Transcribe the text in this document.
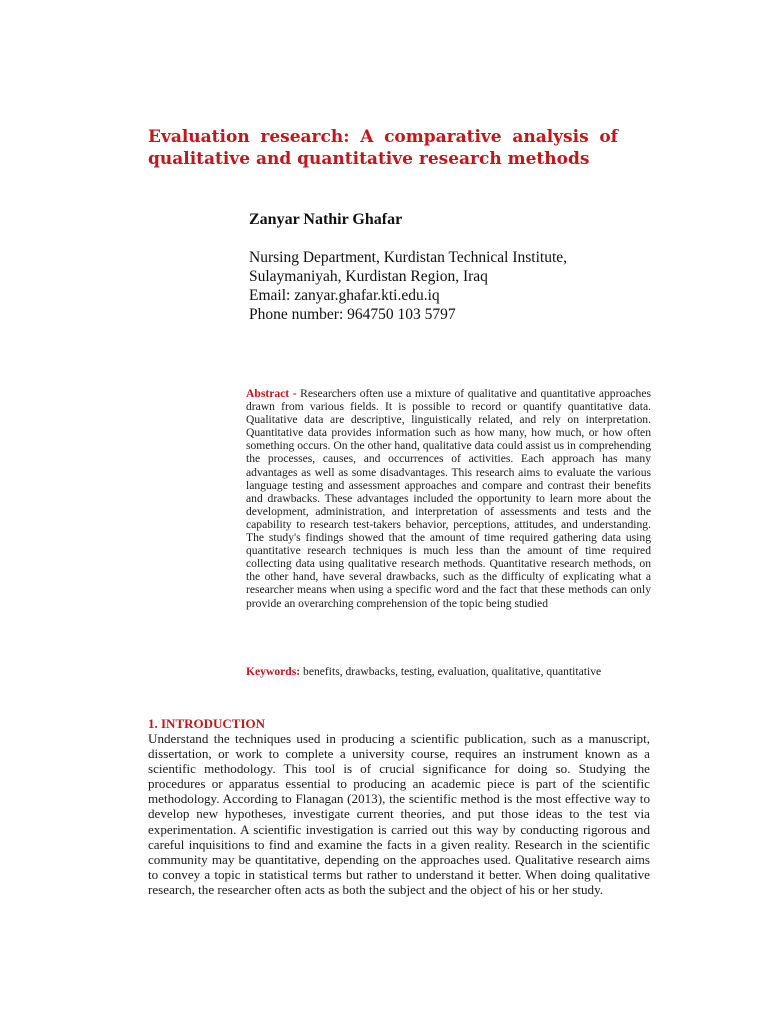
Evaluation research: A comparative analysis of qualitative and quantitative research methods

Zanyar Nathir Ghafar

Nursing Department, Kurdistan Technical Institute,

Sulaymaniyah, Kurdistan Region, Iraq

Email: zanyar.ghafar.kti.edu.iq

Phone number: 964750 103 5797

Abstract - Researchers often use a mixture of qualitative and quantitative approaches drawn from various fields. It is possible to record or quantify quantitative data. Qualitative data are descriptive, linguistically related, and rely on interpretation. Quantitative data provides information such as how many, how much, or how often something occurs. On the other hand, qualitative data could assist us in comprehending the processes, causes, and occurrences of activities. Each approach has many advantages as well as some disadvantages. This research aims to evaluate the various language testing and assessment approaches and compare and contrast their benefits and drawbacks. These advantages included the opportunity to learn more about the development, administration, and interpretation of assessments and tests and the capability to research test-takers behavior, perceptions, attitudes, and understanding. The study's findings showed that the amount of time required gathering data using quantitative research techniques is much less than the amount of time required collecting data using qualitative research methods. Quantitative research methods, on the other hand, have several drawbacks, such as the difficulty of explicating what a researcher means when using a specific word and the fact that these methods can only provide an overarching comprehension of the topic being studied

Keywords: benefits, drawbacks, testing, evaluation, qualitative, quantitative

1. INTRODUCTION

Understand the techniques used in producing a scientific publication, such as a manuscript, dissertation, or work to complete a university course, requires an instrument known as a scientific methodology. This tool is of crucial significance for doing so. Studying the procedures or apparatus essential to producing an academic piece is part of the scientific methodology. According to Flanagan (2013), the scientific method is the most effective way to develop new hypotheses, investigate current theories, and put those ideas to the test via experimentation. A scientific investigation is carried out this way by conducting rigorous and careful inquisitions to find and examine the facts in a given reality. Research in the scientific community may be quantitative, depending on the approaches used. Qualitative research aims to convey a topic in statistical terms but rather to understand it better. When doing qualitative research, the researcher often acts as both the subject and the object of his or her study.
